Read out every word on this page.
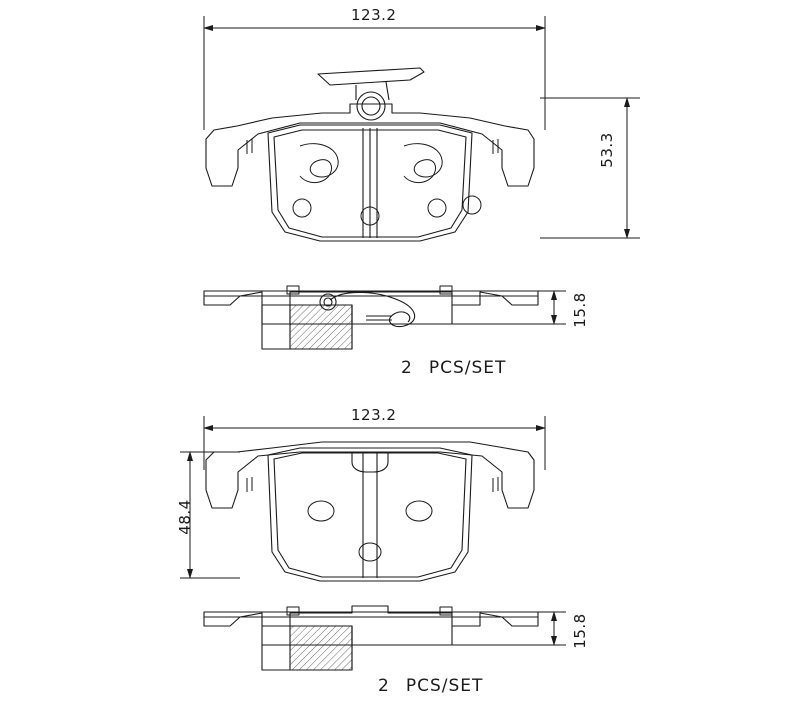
123.2
53.3
15.8
2 PCS/SET
123.2
48.4
15.8
2 PCS/SET
